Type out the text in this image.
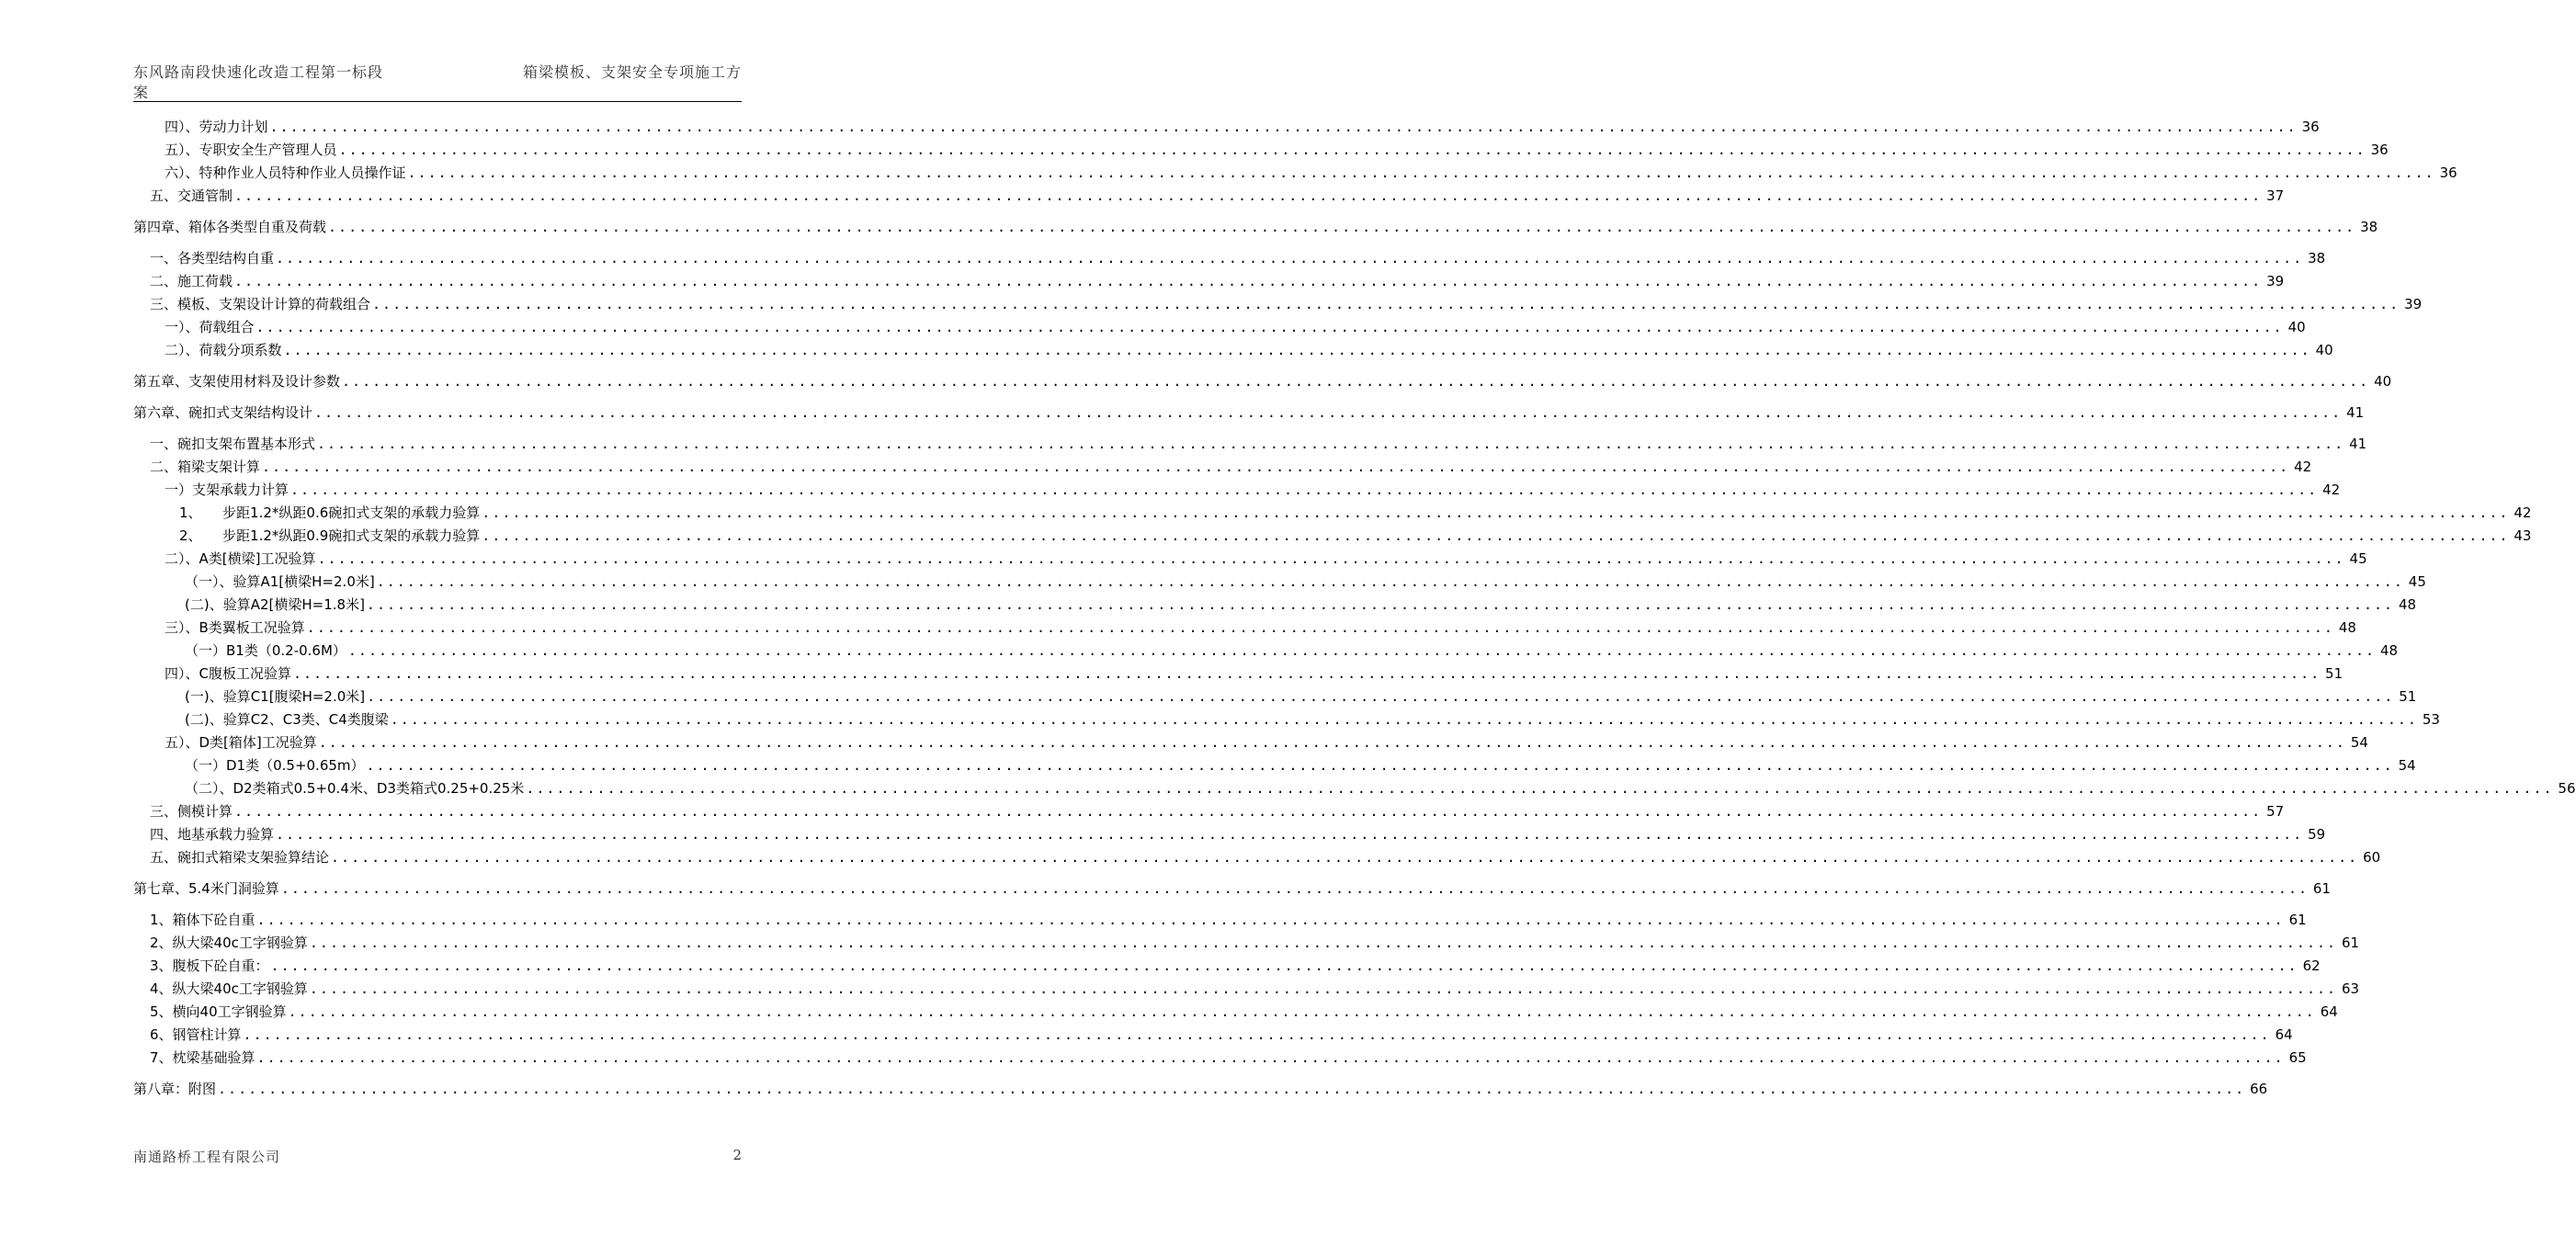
东风路南段快速化改造工程第一标段案
箱梁模板、支架安全专项施工方
四）、劳动力计划 ........................................................................................................................................................................................................ 36
五）、专职安全生产管理人员 ........................................................................................................................................................................................................ 36
六）、特种作业人员特种作业人员操作证 ........................................................................................................................................................................................................ 36
五、交通管制 ........................................................................................................................................................................................................ 37
第四章、箱体各类型自重及荷载 ........................................................................................................................................................................................................ 38
一、各类型结构自重 ........................................................................................................................................................................................................ 38
二、施工荷载 ........................................................................................................................................................................................................ 39
三、模板、支架设计计算的荷载组合 ........................................................................................................................................................................................................ 39
一）、荷载组合 ........................................................................................................................................................................................................ 40
二）、荷载分项系数 ........................................................................................................................................................................................................ 40
第五章、支架使用材料及设计参数 ........................................................................................................................................................................................................ 40
第六章、碗扣式支架结构设计 ........................................................................................................................................................................................................ 41
一、碗扣支架布置基本形式 ........................................................................................................................................................................................................ 41
二、箱梁支架计算 ........................................................................................................................................................................................................ 42
一）支架承载力计算 ........................................................................................................................................................................................................ 42
1、　　步距1.2*纵距0.6碗扣式支架的承载力验算 ........................................................................................................................................................................................................ 42
2、　　步距1.2*纵距0.9碗扣式支架的承载力验算 ........................................................................................................................................................................................................ 43
二）、A类[横梁]工况验算 ........................................................................................................................................................................................................ 45
（一）、验算A1[横梁H=2.0米] ........................................................................................................................................................................................................ 45
(二)、验算A2[横梁H=1.8米] ........................................................................................................................................................................................................ 48
三）、B类翼板工况验算 ........................................................................................................................................................................................................ 48
（一）B1类（0.2-0.6M） ........................................................................................................................................................................................................ 48
四）、C腹板工况验算 ........................................................................................................................................................................................................ 51
(一)、验算C1[腹梁H=2.0米] ........................................................................................................................................................................................................ 51
(二)、验算C2、C3类、C4类腹梁 ........................................................................................................................................................................................................ 53
五）、D类[箱体]工况验算 ........................................................................................................................................................................................................ 54
（一）D1类（0.5+0.65m） ........................................................................................................................................................................................................ 54
（二）、D2类箱式0.5+0.4米、D3类箱式0.25+0.25米 ........................................................................................................................................................................................................ 56
三、侧模计算 ........................................................................................................................................................................................................ 57
四、地基承载力验算 ........................................................................................................................................................................................................ 59
五、碗扣式箱梁支架验算结论 ........................................................................................................................................................................................................ 60
第七章、5.4米门洞验算 ........................................................................................................................................................................................................ 61
1、箱体下砼自重 ........................................................................................................................................................................................................ 61
2、纵大梁40c工字钢验算 ........................................................................................................................................................................................................ 61
3、腹板下砼自重： ........................................................................................................................................................................................................ 62
4、纵大梁40c工字钢验算 ........................................................................................................................................................................................................ 63
5、横向40工字钢验算 ........................................................................................................................................................................................................ 64
6、钢管柱计算 ........................................................................................................................................................................................................ 64
7、枕梁基础验算 ........................................................................................................................................................................................................ 65
第八章：附图 ........................................................................................................................................................................................................ 66
南通路桥工程有限公司	2
